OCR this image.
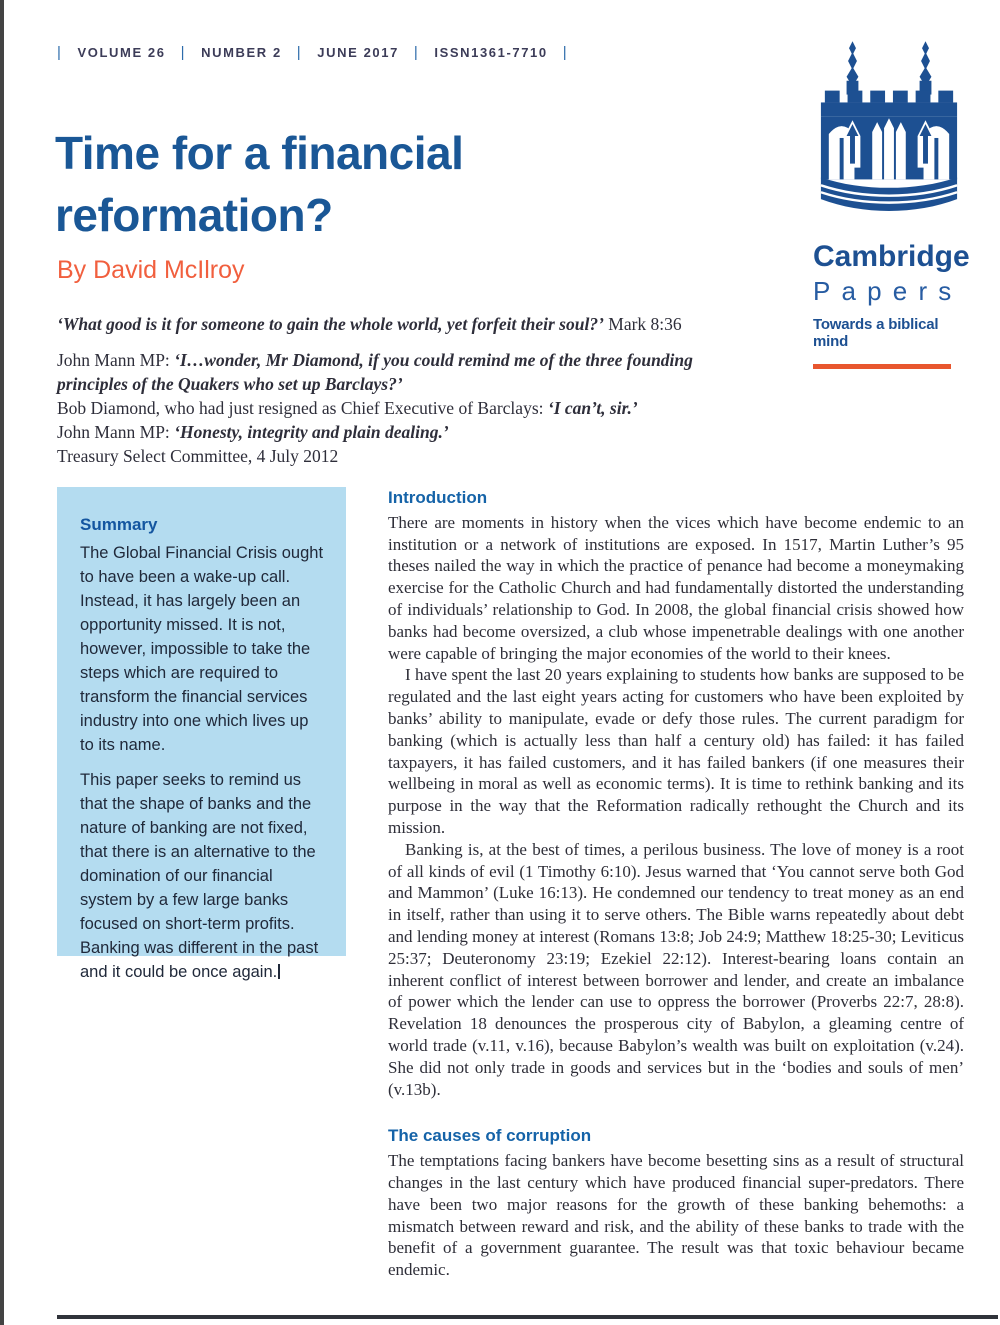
| VOLUME 26 | NUMBER 2 | JUNE 2017 | ISSN1361-7710 |
Time for a financial
reformation?
By David McIlroy

‘What good is it for someone to gain the whole world, yet forfeit their soul?’ Mark 8:36

John Mann MP: ‘I…wonder, Mr Diamond, if you could remind me of the three founding principles of the Quakers who set up Barclays?’

Bob Diamond, who had just resigned as Chief Executive of Barclays: ‘I can’t, sir.’

John Mann MP: ‘Honesty, integrity and plain dealing.’

Treasury Select Committee, 4 July 2012

Summary

The Global Financial Crisis ought to have been a wake-up call. Instead, it has largely been an opportunity missed. It is not, however, impossible to take the steps which are required to transform the financial services industry into one which lives up to its name.

This paper seeks to remind us that the shape of banks and the nature of banking are not fixed, that there is an alternative to the domination of our financial system by a few large banks focused on short-term profits. Banking was different in the past and it could be once again.

Introduction

There are moments in history when the vices which have become endemic to an institution or a network of institutions are exposed. In 1517, Martin Luther’s 95 theses nailed the way in which the practice of penance had become a moneymaking exercise for the Catholic Church and had fundamentally distorted the understanding of individuals’ relationship to God. In 2008, the global financial crisis showed how banks had become oversized, a club whose impenetrable dealings with one another were capable of bringing the major economies of the world to their knees.

I have spent the last 20 years explaining to students how banks are supposed to be regulated and the last eight years acting for customers who have been exploited by banks’ ability to manipulate, evade or defy those rules. The current paradigm for banking (which is actually less than half a century old) has failed: it has failed taxpayers, it has failed customers, and it has failed bankers (if one measures their wellbeing in moral as well as economic terms). It is time to rethink banking and its purpose in the way that the Reformation radically rethought the Church and its mission.

Banking is, at the best of times, a perilous business. The love of money is a root of all kinds of evil (1 Timothy 6:10). Jesus warned that ‘You cannot serve both God and Mammon’ (Luke 16:13). He condemned our tendency to treat money as an end in itself, rather than using it to serve others. The Bible warns repeatedly about debt and lending money at interest (Romans 13:8; Job 24:9; Matthew 18:25-30; Leviticus 25:37; Deuteronomy 23:19; Ezekiel 22:12). Interest-bearing loans contain an inherent conflict of interest between borrower and lender, and create an imbalance of power which the lender can use to oppress the borrower (Proverbs 22:7, 28:8). Revelation 18 denounces the prosperous city of Babylon, a gleaming centre of world trade (v.11, v.16), because Babylon’s wealth was built on exploitation (v.24). She did not only trade in goods and services but in the ‘bodies and souls of men’ (v.13b).

The causes of corruption

The temptations facing bankers have become besetting sins as a result of structural changes in the last century which have produced financial super-predators. There have been two major reasons for the growth of these banking behemoths: a mismatch between reward and risk, and the ability of these banks to trade with the benefit of a government guarantee. The result was that toxic behaviour became endemic.

Cambridge
Papers
Towards a biblical mind
